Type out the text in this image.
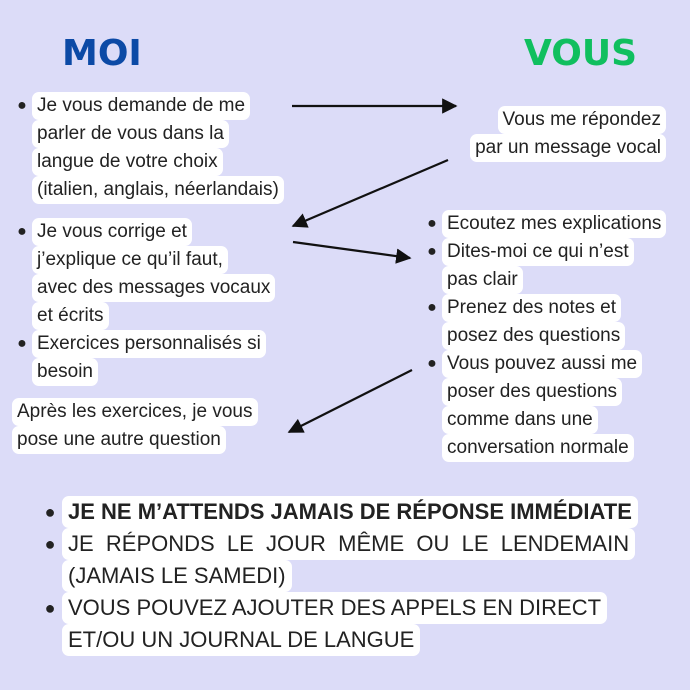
MOI	VOUS
● Je vous demande de me
parler de vous dans la
langue de votre choix
(italien, anglais, néerlandais)
Vous me répondez
par un message vocal
● Je vous corrige et
j’explique ce qu’il faut,
avec des messages vocaux
et écrits
● Exercices personnalisés si
besoin
● Ecoutez mes explications
● Dites-moi ce qui n’est
pas clair
● Prenez des notes et
posez des questions
● Vous pouvez aussi me
poser des questions
comme dans une
conversation normale
Après les exercices, je vous
pose une autre question
● JE NE M’ATTENDS JAMAIS DE RÉPONSE IMMÉDIATE
● JE  RÉPONDS  LE  JOUR  MÊME  OU  LE  LENDEMAIN
(JAMAIS LE SAMEDI)
● VOUS POUVEZ AJOUTER DES APPELS EN DIRECT
ET/OU UN JOURNAL DE LANGUE
